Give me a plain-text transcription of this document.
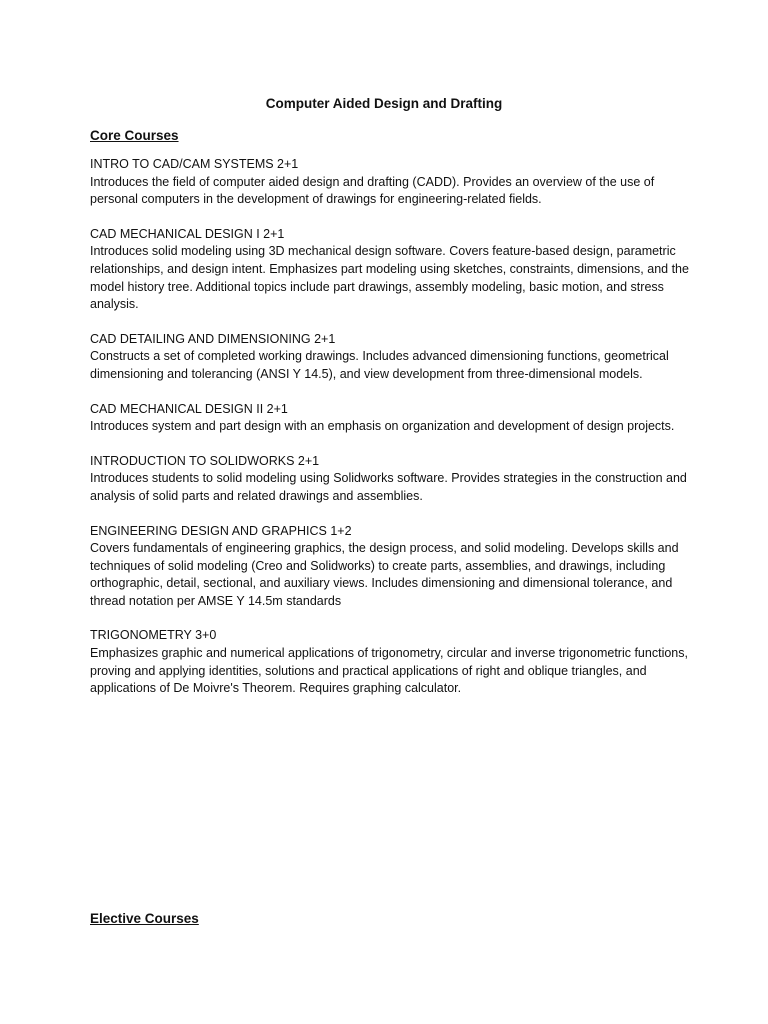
Computer Aided Design and Drafting
Core Courses

INTRO TO CAD/CAM SYSTEMS 2+1

Introduces the field of computer aided design and drafting (CADD). Provides an overview of the use of personal computers in the development of drawings for engineering-related fields.

CAD MECHANICAL DESIGN I 2+1

Introduces solid modeling using 3D mechanical design software. Covers feature-based design, parametric relationships, and design intent. Emphasizes part modeling using sketches, constraints, dimensions, and the model history tree. Additional topics include part drawings, assembly modeling, basic motion, and stress analysis.

CAD DETAILING AND DIMENSIONING 2+1

Constructs a set of completed working drawings. Includes advanced dimensioning functions, geometrical dimensioning and tolerancing (ANSI Y 14.5), and view development from three-dimensional models.

CAD MECHANICAL DESIGN II 2+1

Introduces system and part design with an emphasis on organization and development of design projects.

INTRODUCTION TO SOLIDWORKS 2+1

Introduces students to solid modeling using Solidworks software. Provides strategies in the construction and analysis of solid parts and related drawings and assemblies.

ENGINEERING DESIGN AND GRAPHICS 1+2

Covers fundamentals of engineering graphics, the design process, and solid modeling. Develops skills and techniques of solid modeling (Creo and Solidworks) to create parts, assemblies, and drawings, including orthographic, detail, sectional, and auxiliary views. Includes dimensioning and dimensional tolerance, and thread notation per AMSE Y 14.5m standards

TRIGONOMETRY 3+0

Emphasizes graphic and numerical applications of trigonometry, circular and inverse trigonometric functions, proving and applying identities, solutions and practical applications of right and oblique triangles, and applications of De Moivre's Theorem. Requires graphing calculator.

Elective Courses
